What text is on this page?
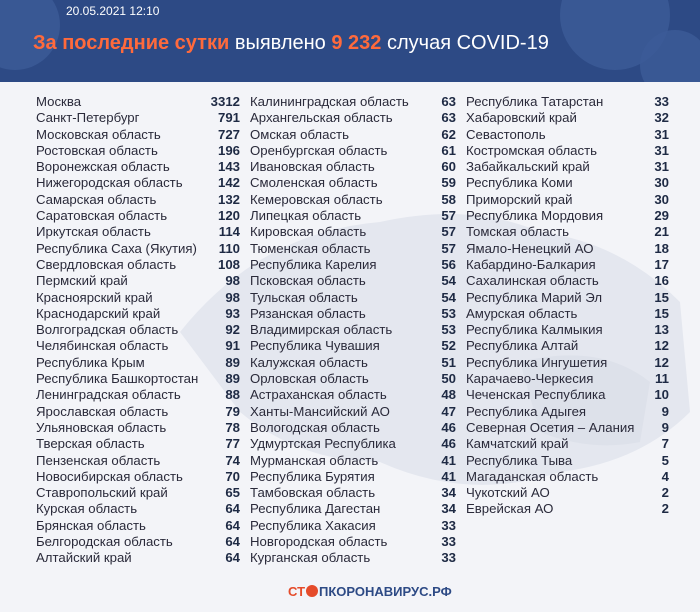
20.05.2021 12:10
За последние сутки выявлено 9 232 случая COVID-19
Москва	3312
Санкт-Петербург	791
Московская область	727
Ростовская область	196
Воронежская область	143
Нижегородская область	142
Самарская область	132
Саратовская область	120
Иркутская область	114
Республика Саха (Якутия) 110
Свердловская область	108
Пермский край	98
Красноярский край	98
Краснодарский край	93
Волгоградская область	92
Челябинская область	91
Республика Крым	89
Республика Башкортостан 89
Ленинградская область	88
Ярославская область	79
Ульяновская область	78
Тверская область	77
Пензенская область	74
Новосибирская область	70
Ставропольский край	65
Курская область	64
Брянская область	64
Белгородская область	64
Алтайский край	64
Калининградская область 63
Архангельская область	63
Омская область	62
Оренбургская область	61
Ивановская область	60
Смоленская область	59
Кемеровская область	58
Липецкая область	57
Кировская область	57
Тюменская область	57
Республика Карелия	56
Псковская область	54
Тульская область	54
Рязанская область	53
Владимирская область	53
Республика Чувашия	52
Калужская область	51
Орловская область	50
Астраханская область	48
Ханты-Мансийский АО	47
Вологодская область	46
Удмуртская Республика	46
Мурманская область	41
Республика Бурятия	41
Тамбовская область	34
Республика Дагестан	34
Республика Хакасия	33
Новгородская область	33
Курганская область	33
Республика Татарстан	33
Хабаровский край	32
Севастополь	31
Костромская область	31
Забайкальский край	31
Республика Коми	30
Приморский край	30
Республика Мордовия	29
Томская область	21
Ямало-Ненецкий АО	18
Кабардино-Балкария	17
Сахалинская область	16
Республика Марий Эл	15
Амурская область	15
Республика Калмыкия	13
Республика Алтай	12
Республика Ингушетия	12
Карачаево-Черкесия	11
Чеченская Республика	10
Республика Адыгея	9
Северная Осетия – Алания 9
Камчатский край	7
Республика Тыва	5
Магаданская область	4
Чукотский АО	2
Еврейская АО	2
СТ ПКОРОНАВИРУС.РФ
